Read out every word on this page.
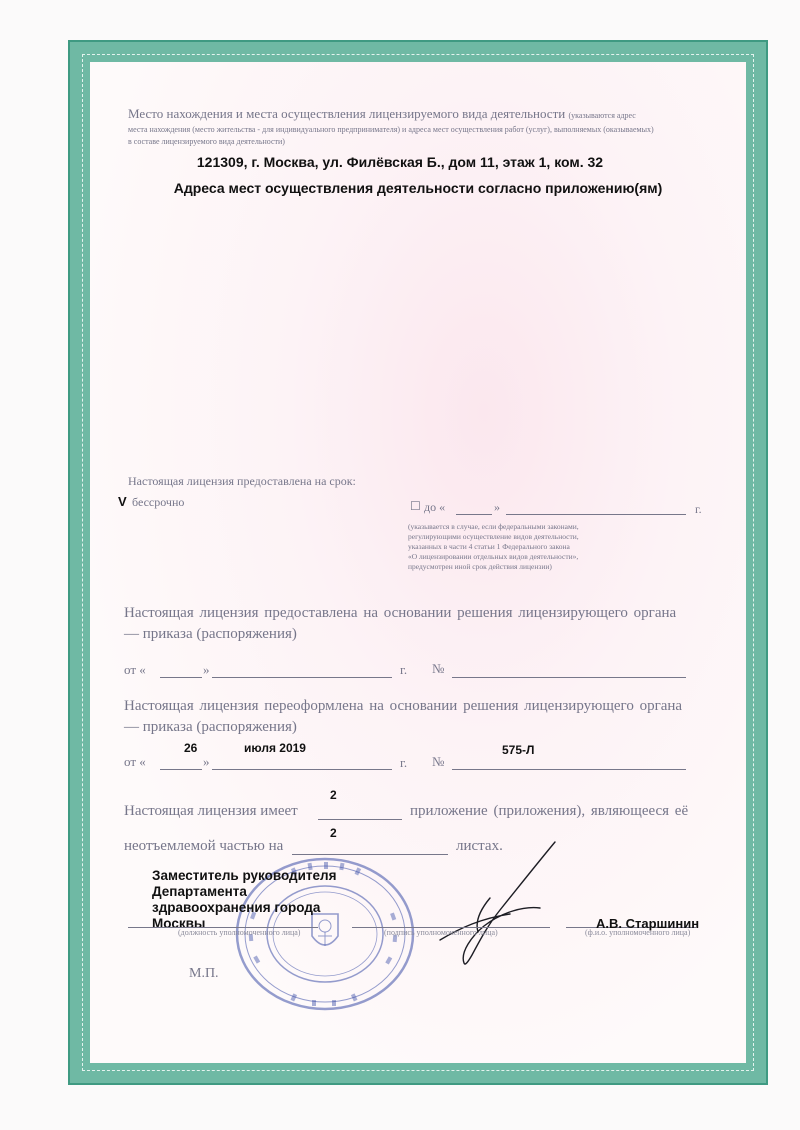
Место нахождения и места осуществления лицензируемого вида деятельности (указываются адрес
места нахождения (место жительства - для индивидуального предпринимателя) и адреса мест осуществления работ (услуг), выполняемых (оказываемых)
в составе лицензируемого вида деятельности)
121309, г. Москва, ул. Филёвская Б., дом 11, этаж 1, ком. 32
Адреса мест осуществления деятельности согласно приложению(ям)
Настоящая лицензия предоставлена на срок:
V бессрочно	☐ до «	»	г.
(указывается в случае, если федеральными законами,
регулирующими осуществление видов деятельности,
указанных в части 4 статьи 1 Федерального закона
«О лицензировании отдельных видов деятельности»,
предусмотрен иной срок действия лицензии)
Настоящая лицензия предоставлена на основании решения лицензирующего органа
— приказа (распоряжения)
от «	»	г. №
Настоящая лицензия переоформлена на основании решения лицензирующего органа
— приказа (распоряжения)
26	июля 2019	575-Л
от «	»	г. №
2
Настоящая лицензия имеет	приложение (приложения), являющееся её
2
неотъемлемой частью на	листах.
Заместитель руководителя
Департамента
здравоохранения города
Москвы
(должность уполномоченного лица)	(подпись уполномоченного лица)	(ф.и.о. уполномоченного лица)
А.В. Старшинин
М.П.
